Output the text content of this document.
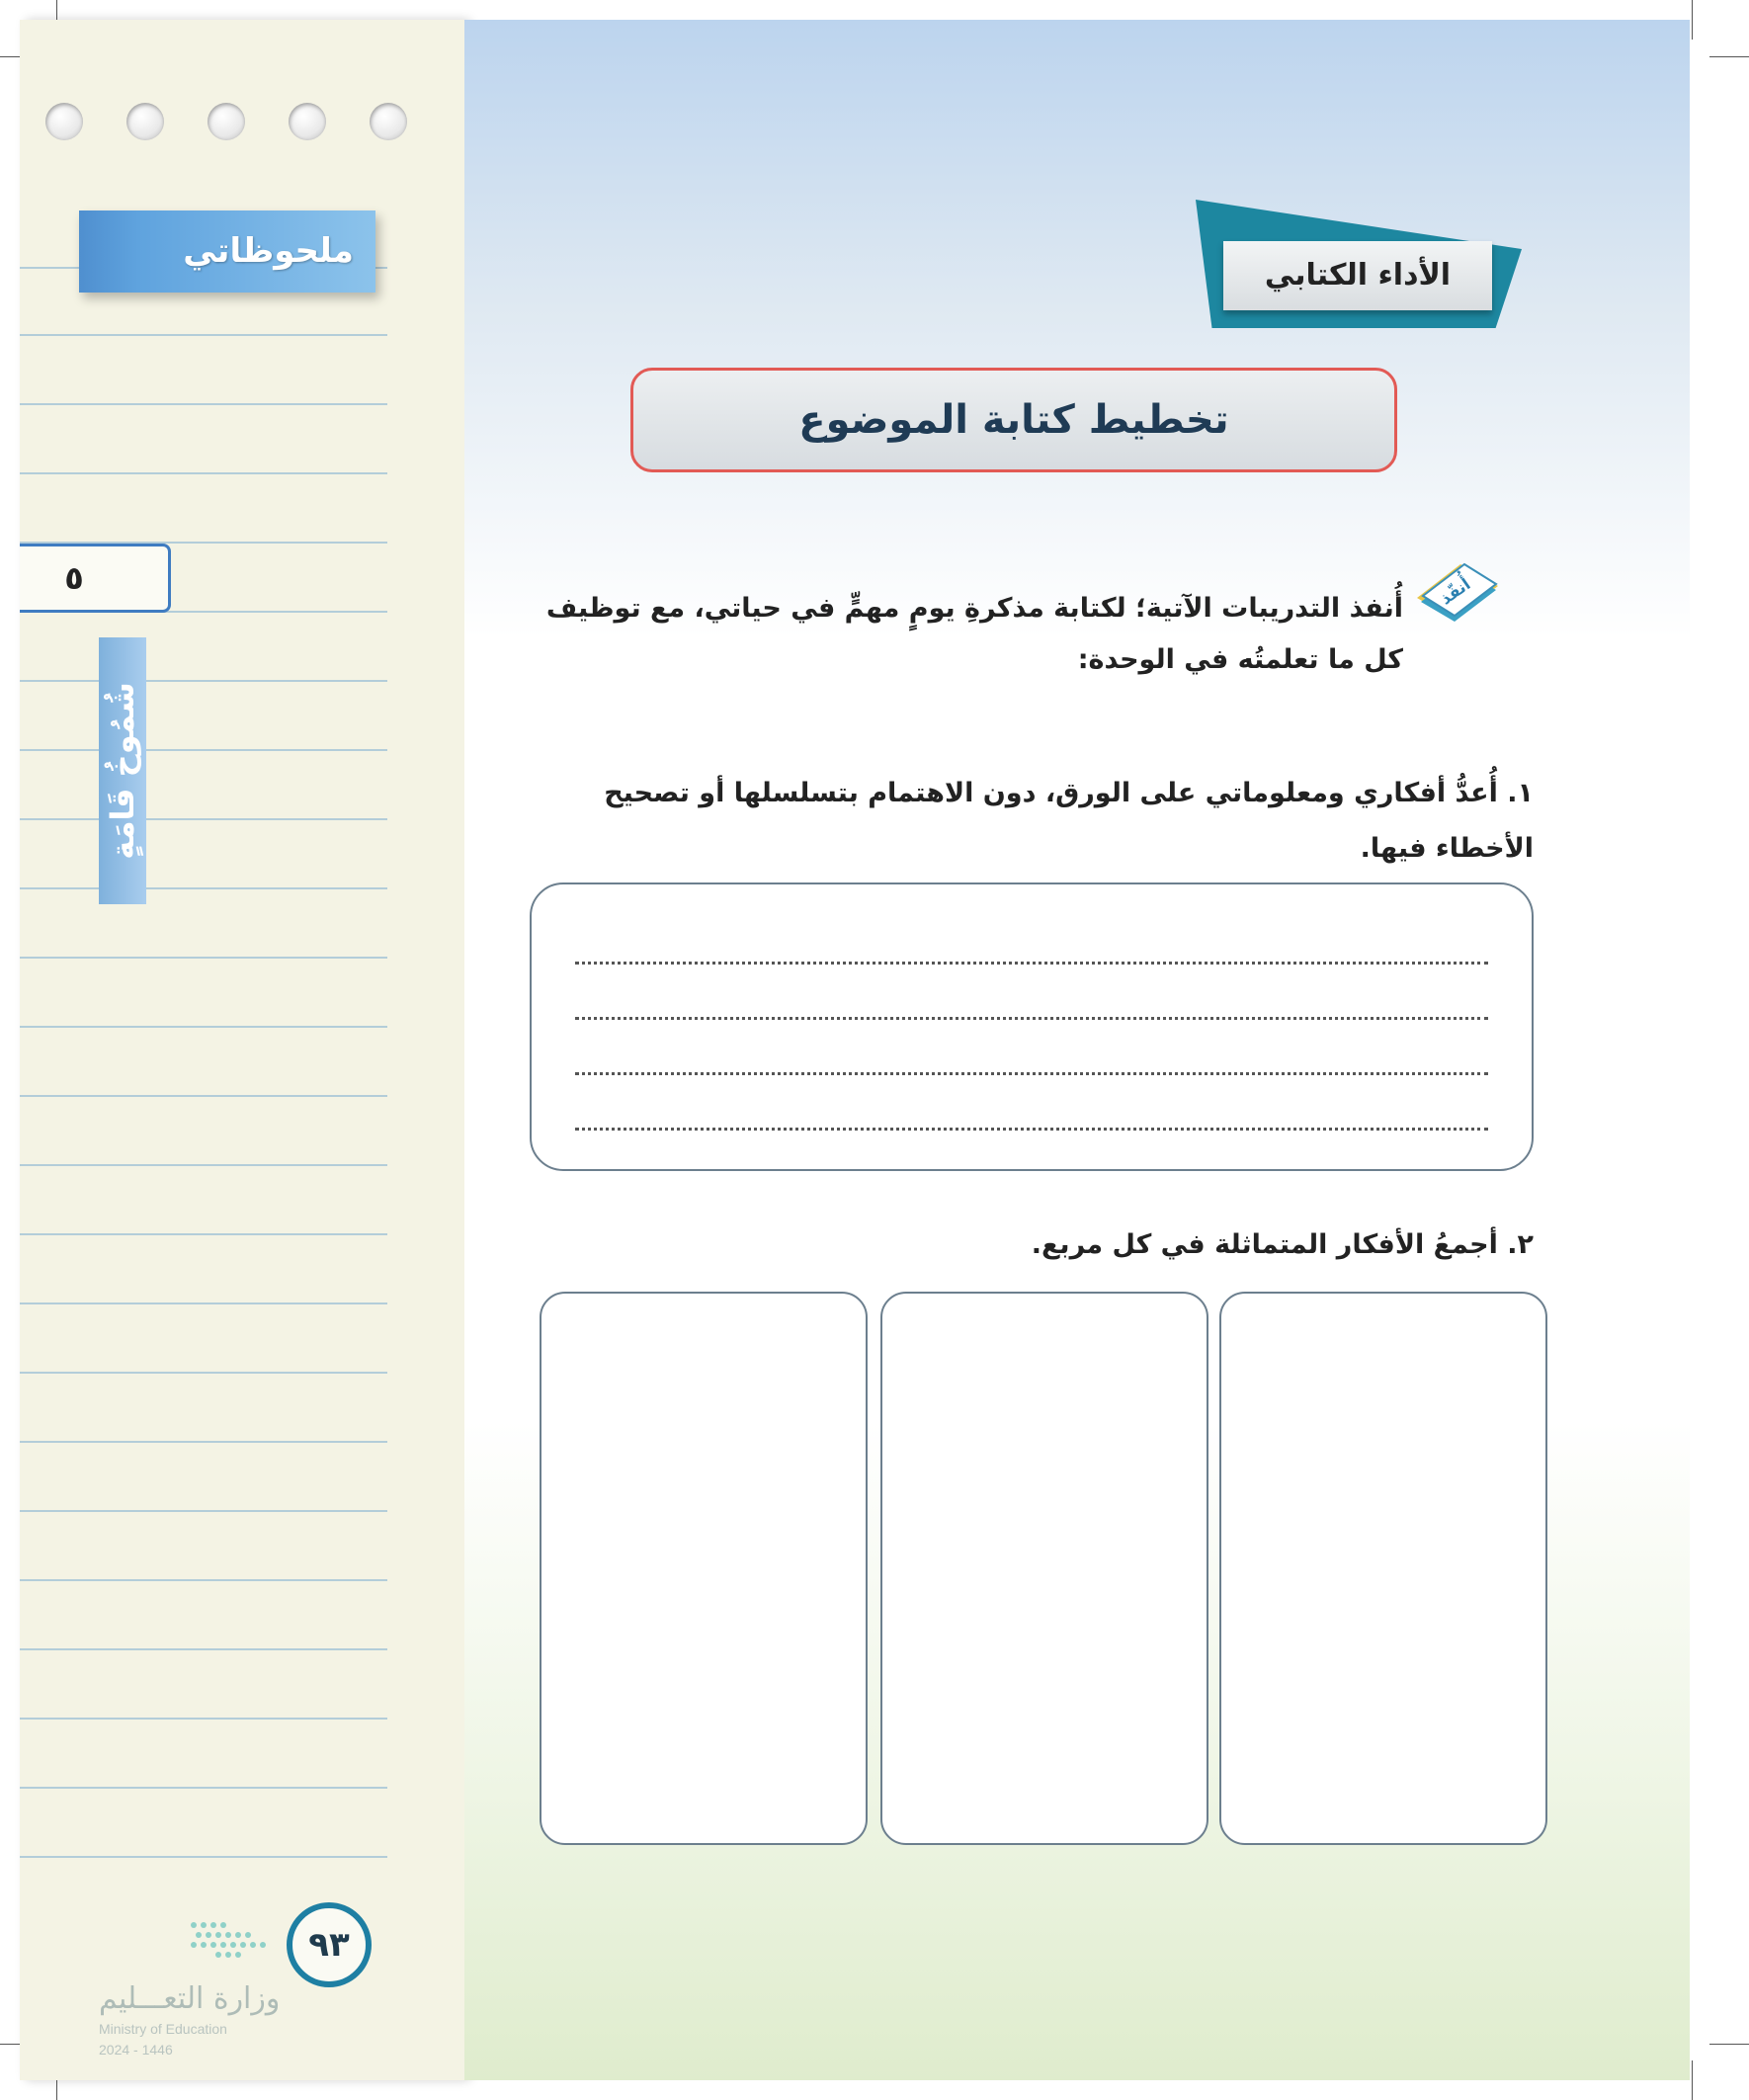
ملحوظاتي
٥
شُمُوخُ قَامَةٍ
٩٣
وزارة التعـــليم
Ministry of Education
2024 - 1446
الأداء الكتابي
تخطيط كتابة الموضوع
أُنفّذ
أُنفذ التدريبات الآتية؛ لكتابة مذكرةِ يومٍ مهمٍّ في حياتي، مع توظيف كل ما تعلمتُه في الوحدة:
١. أُعدُّ أفكاري ومعلوماتي على الورق، دون الاهتمام بتسلسلها أو تصحيح الأخطاء فيها.
٢. أجمعُ الأفكار المتماثلة في كل مربع.
